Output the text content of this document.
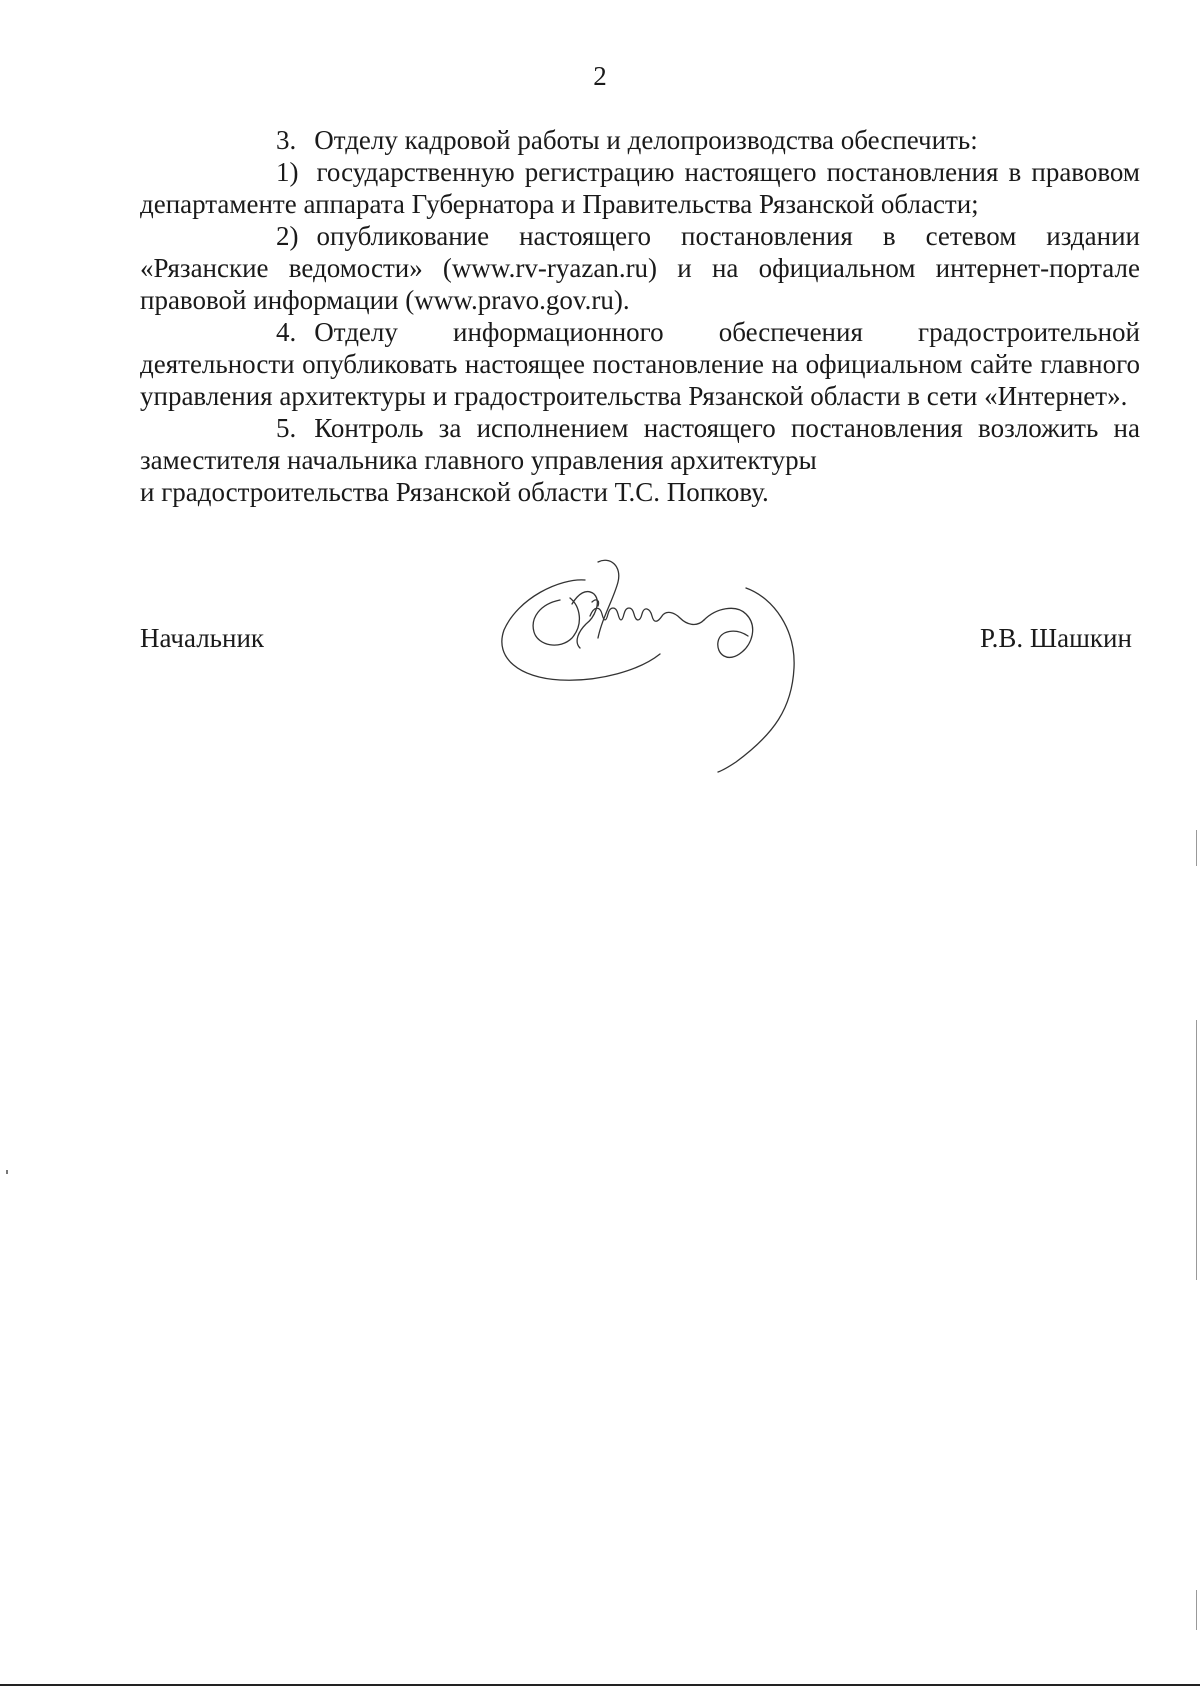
2

3. Отделу кадровой работы и делопроизводства обеспечить:

1) государственную регистрацию настоящего постановления в правовом департаменте аппарата Губернатора и Правительства Рязанской области;

2) опубликование настоящего постановления в сетевом издании «Рязанские ведомости» (www.rv-ryazan.ru) и на официальном интернет-портале правовой информации (www.pravo.gov.ru).

4. Отделу информационного обеспечения градостроительной деятельности опубликовать настоящее постановление на официальном сайте главного управления архитектуры и градостроительства Рязанской области в сети «Интернет».

5. Контроль за исполнением настоящего постановления возложить на заместителя начальника главного управления архитектуры

и градостроительства Рязанской области Т.С. Попкову.
Начальник	Р.В. Шашкин
